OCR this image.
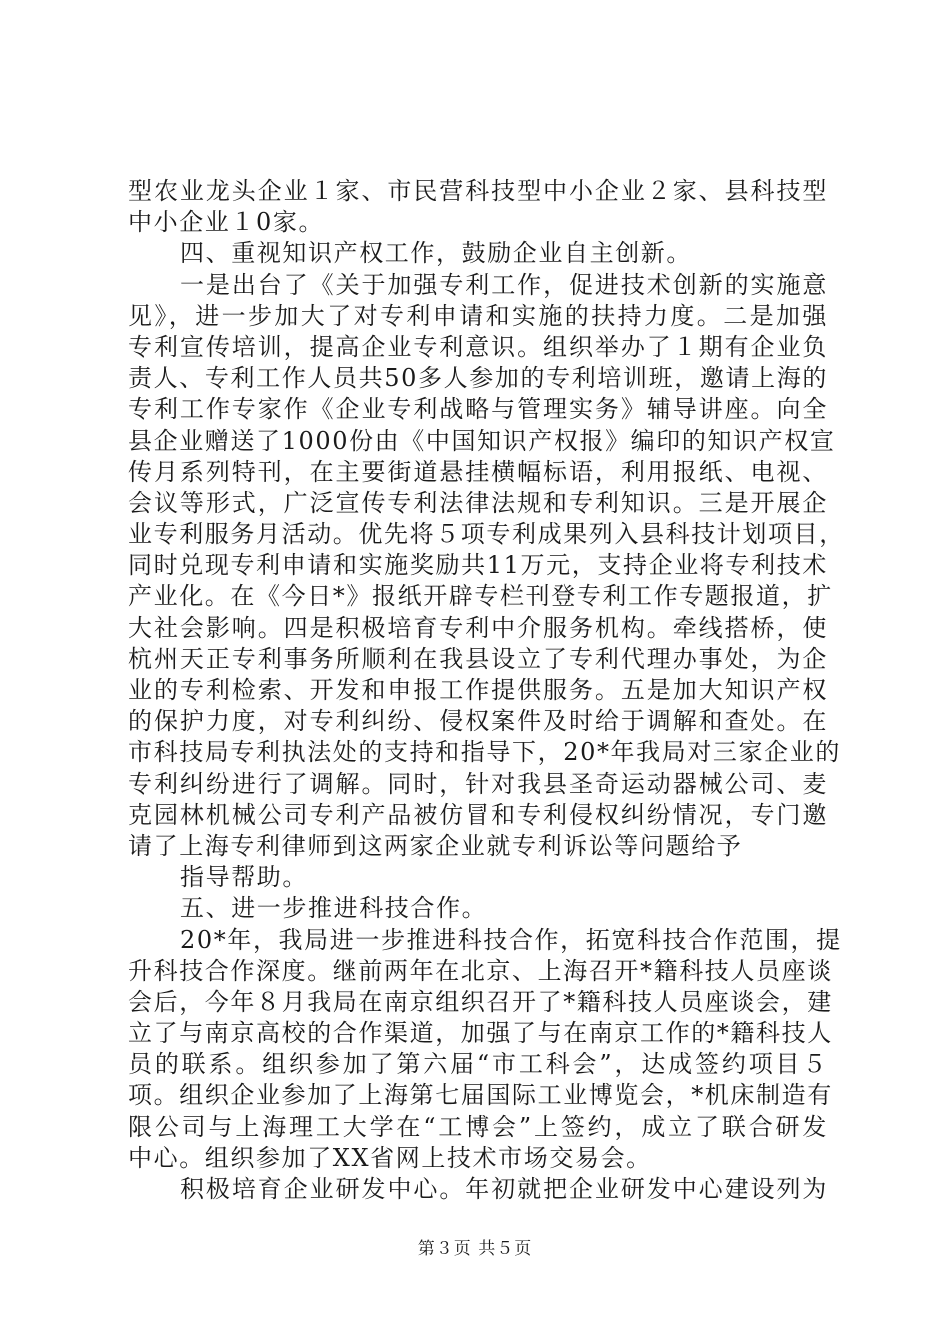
型农业龙头企业１家、市民营科技型中小企业２家、县科技型
中小企业１0家。
四、重视知识产权工作，鼓励企业自主创新。
一是出台了《关于加强专利工作，促进技术创新的实施意
见》，进一步加大了对专利申请和实施的扶持力度。二是加强
专利宣传培训，提高企业专利意识。组织举办了１期有企业负
责人、专利工作人员共50多人参加的专利培训班，邀请上海的
专利工作专家作《企业专利战略与管理实务》辅导讲座。向全
县企业赠送了1000份由《中国知识产权报》编印的知识产权宣
传月系列特刊，在主要街道悬挂横幅标语，利用报纸、电视、
会议等形式，广泛宣传专利法律法规和专利知识。三是开展企
业专利服务月活动。优先将５项专利成果列入县科技计划项目，
同时兑现专利申请和实施奖励共11万元，支持企业将专利技术
产业化。在《今日*》报纸开辟专栏刊登专利工作专题报道，扩
大社会影响。四是积极培育专利中介服务机构。牵线搭桥，使
杭州天正专利事务所顺利在我县设立了专利代理办事处，为企
业的专利检索、开发和申报工作提供服务。五是加大知识产权
的保护力度，对专利纠纷、侵权案件及时给于调解和查处。在
市科技局专利执法处的支持和指导下，20*年我局对三家企业的
专利纠纷进行了调解。同时，针对我县圣奇运动器械公司、麦
克园林机械公司专利产品被仿冒和专利侵权纠纷情况，专门邀
请了上海专利律师到这两家企业就专利诉讼等问题给予
指导帮助。
五、进一步推进科技合作。
20*年，我局进一步推进科技合作，拓宽科技合作范围，提
升科技合作深度。继前两年在北京、上海召开*籍科技人员座谈
会后，今年８月我局在南京组织召开了*籍科技人员座谈会，建
立了与南京高校的合作渠道，加强了与在南京工作的*籍科技人
员的联系。组织参加了第六届“市工科会”，达成签约项目５
项。组织企业参加了上海第七届国际工业博览会，*机床制造有
限公司与上海理工大学在“工博会”上签约，成立了联合研发
中心。组织参加了XX省网上技术市场交易会。
积极培育企业研发中心。年初就把企业研发中心建设列为
第３页 共５页
